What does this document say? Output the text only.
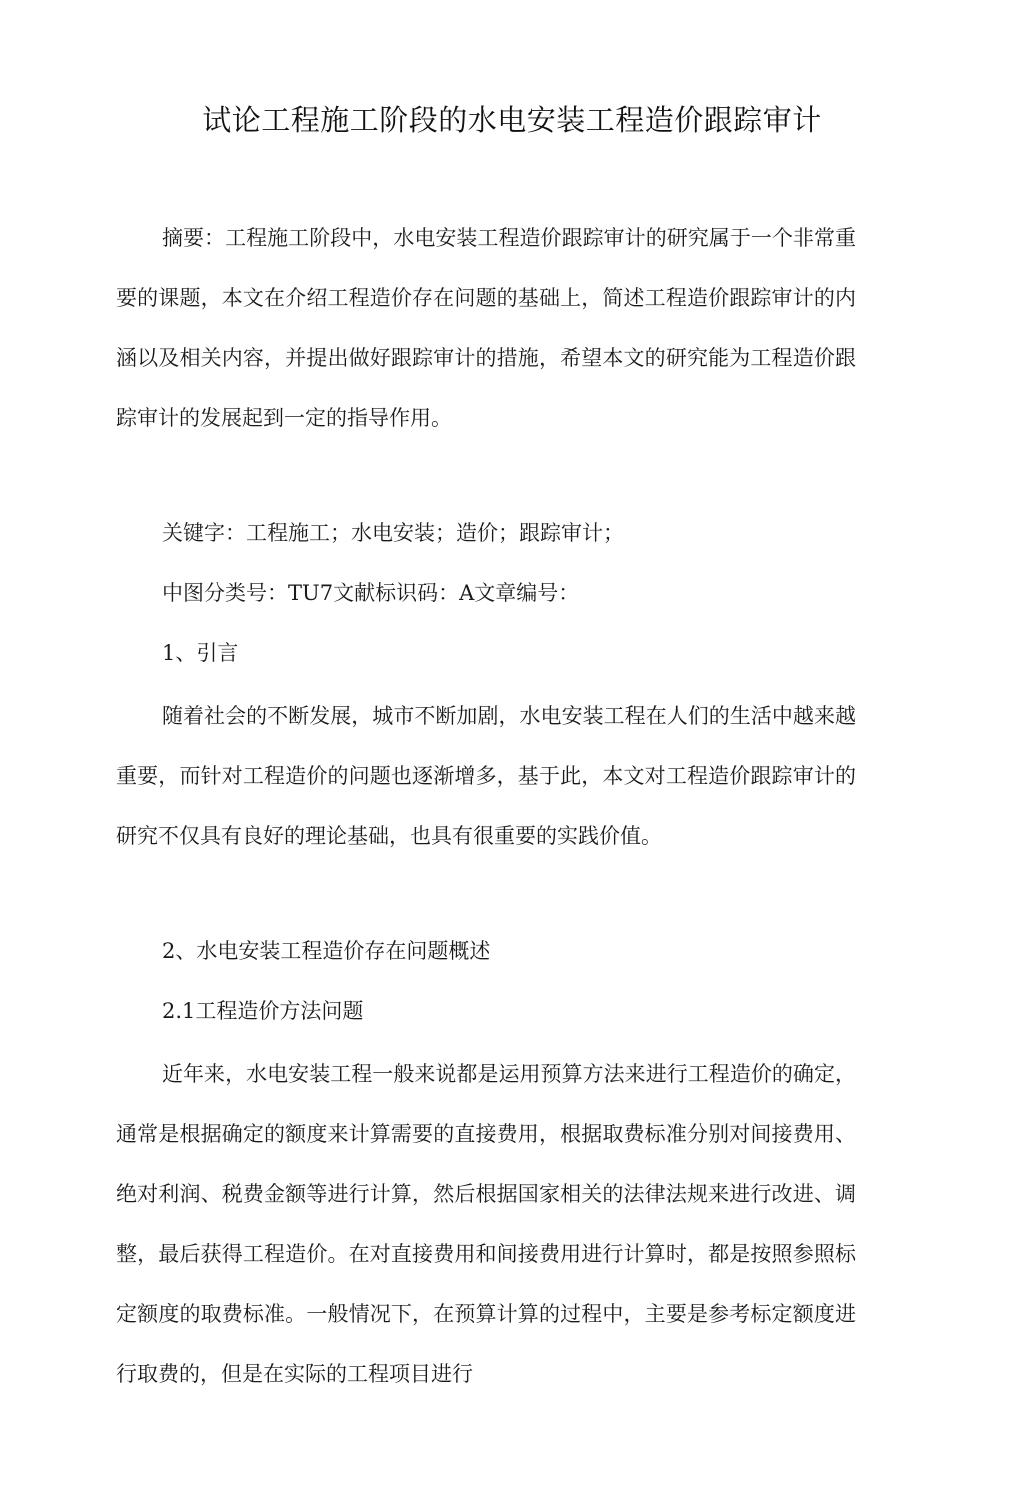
试论工程施工阶段的水电安装工程造价跟踪审计

摘要：工程施工阶段中，水电安装工程造价跟踪审计的研究属于一个非常重要的课题，本文在介绍工程造价存在问题的基础上，简述工程造价跟踪审计的内涵以及相关内容，并提出做好跟踪审计的措施，希望本文的研究能为工程造价跟踪审计的发展起到一定的指导作用。

关键字：工程施工；水电安装；造价；跟踪审计；

中图分类号：TU7文献标识码：A文章编号：

1、引言

随着社会的不断发展，城市不断加剧，水电安装工程在人们的生活中越来越重要，而针对工程造价的问题也逐渐增多，基于此，本文对工程造价跟踪审计的研究不仅具有良好的理论基础，也具有很重要的实践价值。

2、水电安装工程造价存在问题概述

2.1工程造价方法问题

近年来，水电安装工程一般来说都是运用预算方法来进行工程造价的确定，通常是根据确定的额度来计算需要的直接费用，根据取费标准分别对间接费用、绝对利润、税费金额等进行计算，然后根据国家相关的法律法规来进行改进、调整，最后获得工程造价。在对直接费用和间接费用进行计算时，都是按照参照标定额度的取费标准。一般情况下，在预算计算的过程中，主要是参考标定额度进行取费的，但是在实际的工程项目进行
